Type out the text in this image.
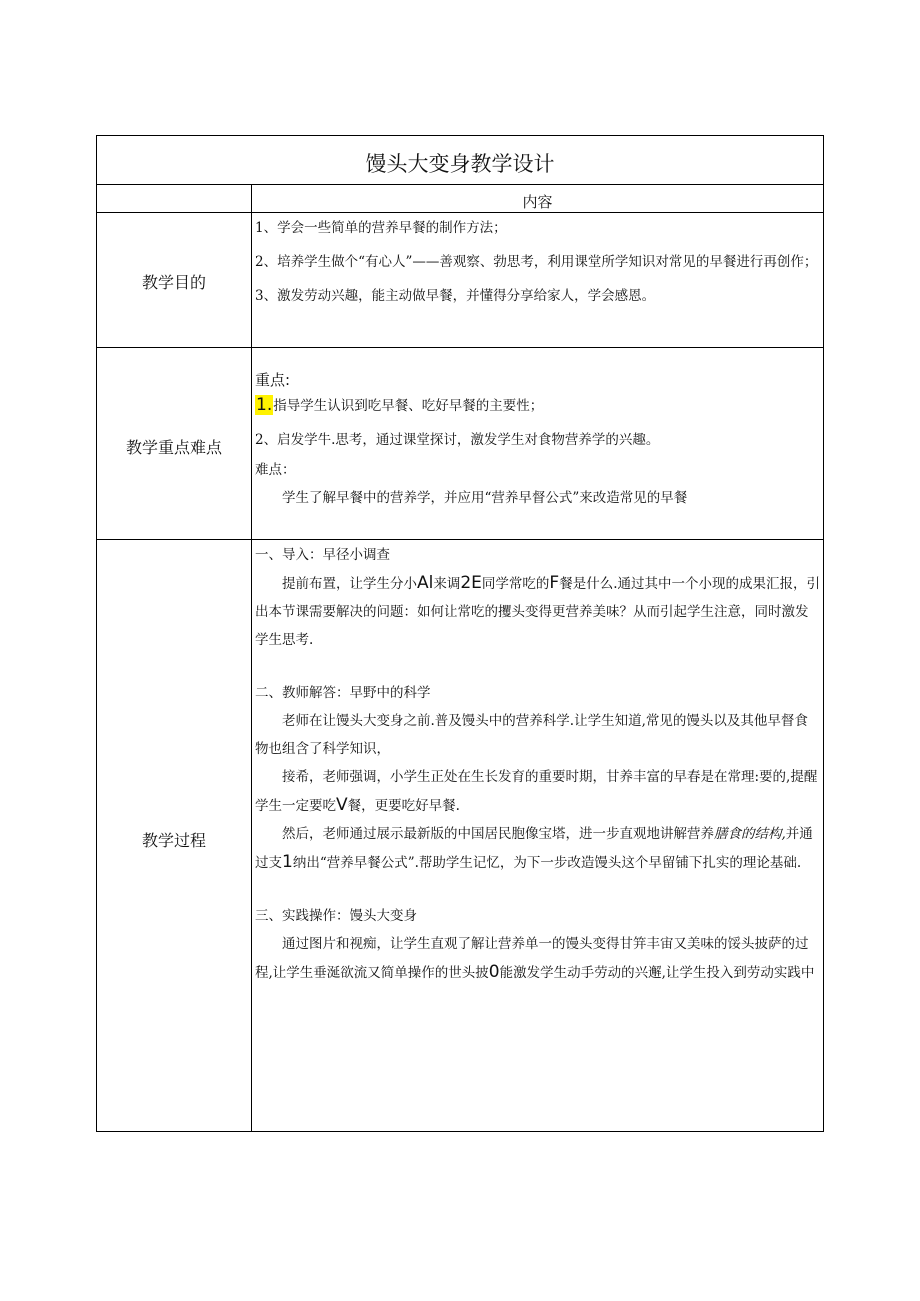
馒头大变身教学设计
内容
教学目的

1、学会一些简单的营养早餐的制作方法；

2、培养学生做个“有心人”——善观察、勃思考，利用课堂所学知识对常见的早餐进行再创作；

3、激发劳动兴趣，能主动做早餐，并懂得分享给家人，学会感恩。

教学重点难点

重点:

1.指导学生认识到吃早餐、吃好早餐的主要性；

2、启发学牛.思考，通过课堂探讨，激发学生对食物营养学的兴趣。

难点：

学生了解早餐中的营养学，并应用“营养早督公式”来改造常见的早餐

教学过程

一、导入：早径小调查

提前布置，让学生分小Al来调2E同学常吃的F餐是什么.通过其中一个小现的成果汇报，引出本节课需要解决的问题：如何让常吃的攫头变得更营养美味？从而引起学生注意，同时激发学生思考.

二、教师解答：早野中的科学

老师在让馒头大变身之前.普及馒头中的营养科学.让学生知道,常见的馒头以及其他早督食物也组含了科学知识，

接希，老师强调，小学生正处在生长发育的重要时期，甘养丰富的早春是在常理:要的,提醒学生一定要吃V餐，更要吃好早餐.

然后，老师通过展示最新版的中国居民胞像宝塔，进一步直观地讲解营养膳食的结构,并通过支1纳出“营养早餐公式”.帮助学生记忆，为下一步改造馒头这个早留铺下扎实的理论基础.

三、实践操作：馒头大变身

通过图片和视痴，让学生直观了解让营养单一的馒头变得甘笄丰宙又美味的馁头披萨的过程,让学生垂涎欲流又简单操作的世头披0能激发学生动手劳动的兴邂,让学生投入到劳动实践中
